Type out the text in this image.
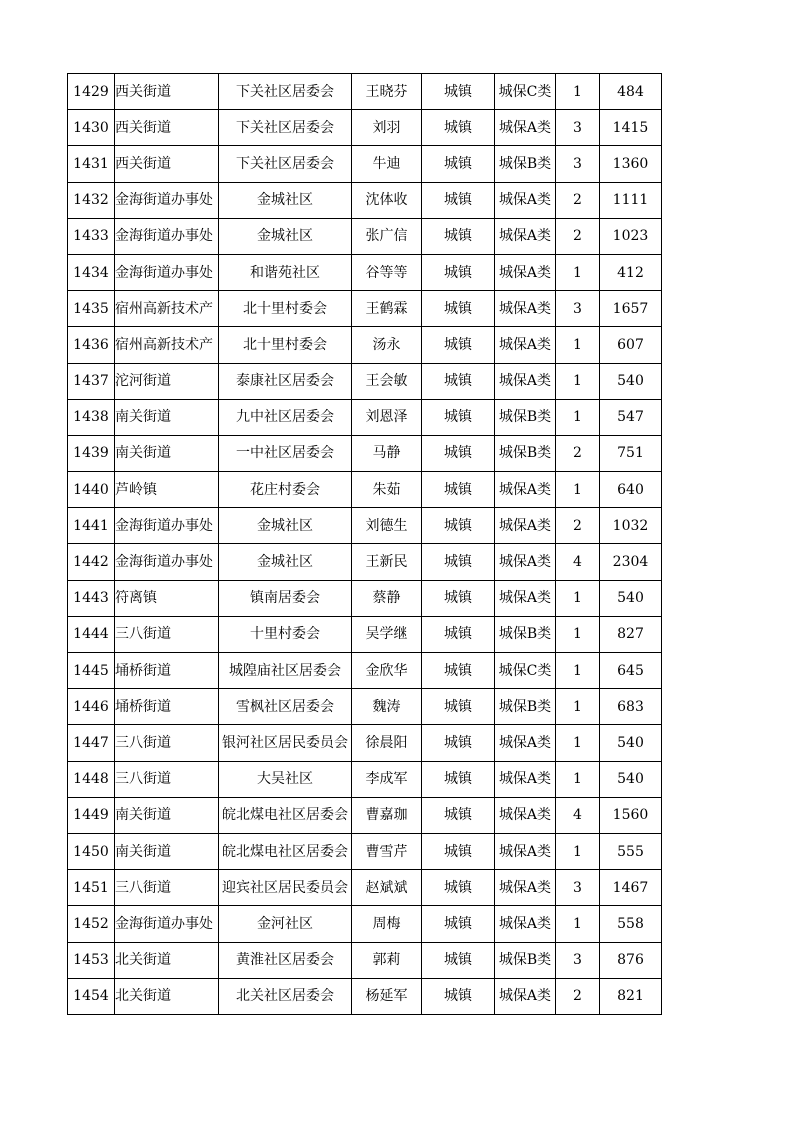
1429	西关街道	下关社区居委会	王晓芬	城镇	城保C类	1	484
1430	西关街道	下关社区居委会	刘羽	城镇	城保A类	3	1415
1431	西关街道	下关社区居委会	牛迪	城镇	城保B类	3	1360
1432	金海街道办事处	金城社区	沈体收	城镇	城保A类	2	1111
1433	金海街道办事处	金城社区	张广信	城镇	城保A类	2	1023
1434	金海街道办事处	和谐苑社区	谷等等	城镇	城保A类	1	412
1435	宿州高新技术产	北十里村委会	王鹤霖	城镇	城保A类	3	1657
1436	宿州高新技术产	北十里村委会	汤永	城镇	城保A类	1	607
1437	沱河街道	泰康社区居委会	王会敏	城镇	城保A类	1	540
1438	南关街道	九中社区居委会	刘恩泽	城镇	城保B类	1	547
1439	南关街道	一中社区居委会	马静	城镇	城保B类	2	751
1440	芦岭镇	花庄村委会	朱茹	城镇	城保A类	1	640
1441	金海街道办事处	金城社区	刘德生	城镇	城保A类	2	1032
1442	金海街道办事处	金城社区	王新民	城镇	城保A类	4	2304
1443	符离镇	镇南居委会	蔡静	城镇	城保A类	1	540
1444	三八街道	十里村委会	吴学继	城镇	城保B类	1	827
1445	埇桥街道	城隍庙社区居委会	金欣华	城镇	城保C类	1	645
1446	埇桥街道	雪枫社区居委会	魏涛	城镇	城保B类	1	683
1447	三八街道	银河社区居民委员会	徐晨阳	城镇	城保A类	1	540
1448	三八街道	大吴社区	李成军	城镇	城保A类	1	540
1449	南关街道	皖北煤电社区居委会	曹嘉珈	城镇	城保A类	4	1560
1450	南关街道	皖北煤电社区居委会	曹雪芹	城镇	城保A类	1	555
1451	三八街道	迎宾社区居民委员会	赵斌斌	城镇	城保A类	3	1467
1452	金海街道办事处	金河社区	周梅	城镇	城保A类	1	558
1453	北关街道	黄淮社区居委会	郭莉	城镇	城保B类	3	876
1454	北关街道	北关社区居委会	杨延军	城镇	城保A类	2	821
